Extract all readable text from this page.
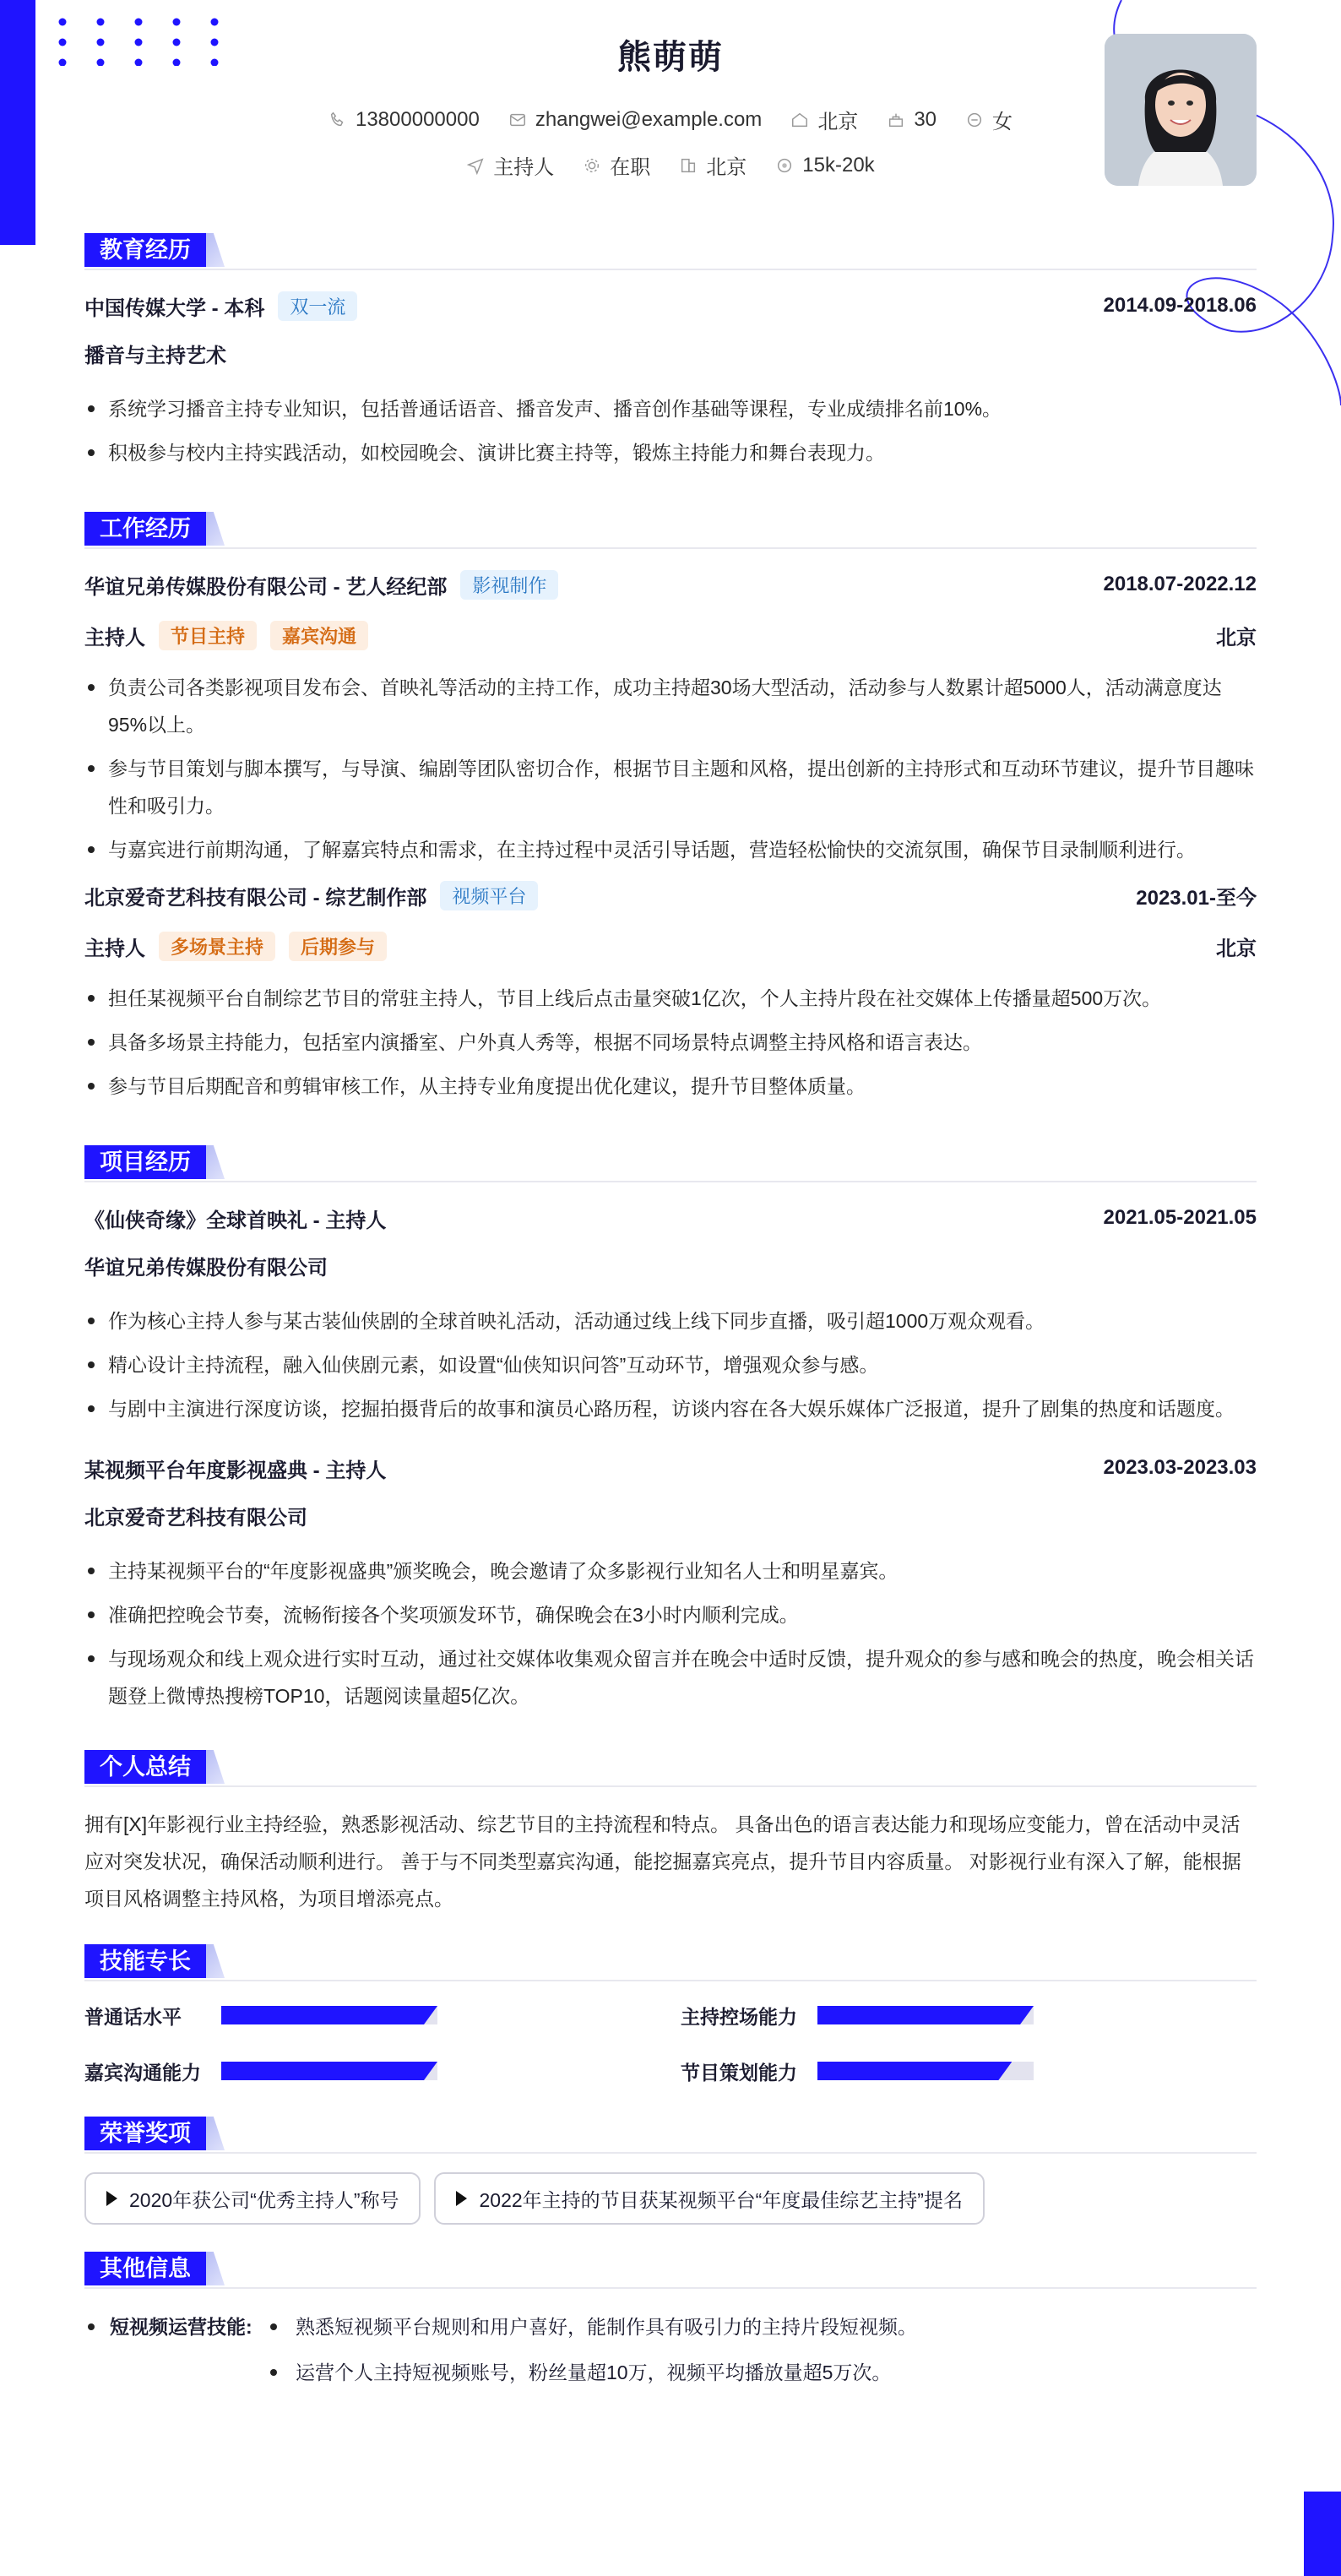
熊萌萌
13800000000	zhangwei@example.com	北京	30	女
主持人	在职	北京	15k-20k
教育经历
中国传媒大学 - 本科	双一流	2014.09-2018.06
播音与主持艺术
系统学习播音主持专业知识，包括普通话语音、播音发声、播音创作基础等课程，专业成绩排名前10%。
积极参与校内主持实践活动，如校园晚会、演讲比赛主持等，锻炼主持能力和舞台表现力。
工作经历
华谊兄弟传媒股份有限公司 - 艺人经纪部	影视制作	2018.07-2022.12
主持人	节目主持	嘉宾沟通	北京
负责公司各类影视项目发布会、首映礼等活动的主持工作，成功主持超30场大型活动，活动参与人数累计超5000人，活动满意度达95%以上。
参与节目策划与脚本撰写，与导演、编剧等团队密切合作，根据节目主题和风格，提出创新的主持形式和互动环节建议，提升节目趣味性和吸引力。
与嘉宾进行前期沟通，了解嘉宾特点和需求，在主持过程中灵活引导话题，营造轻松愉快的交流氛围，确保节目录制顺利进行。
北京爱奇艺科技有限公司 - 综艺制作部	视频平台	2023.01-至今
主持人	多场景主持	后期参与	北京
担任某视频平台自制综艺节目的常驻主持人，节目上线后点击量突破1亿次，个人主持片段在社交媒体上传播量超500万次。
具备多场景主持能力，包括室内演播室、户外真人秀等，根据不同场景特点调整主持风格和语言表达。
参与节目后期配音和剪辑审核工作，从主持专业角度提出优化建议，提升节目整体质量。
项目经历
《仙侠奇缘》全球首映礼 - 主持人	2021.05-2021.05
华谊兄弟传媒股份有限公司
作为核心主持人参与某古装仙侠剧的全球首映礼活动，活动通过线上线下同步直播，吸引超1000万观众观看。
精心设计主持流程，融入仙侠剧元素，如设置“仙侠知识问答”互动环节，增强观众参与感。
与剧中主演进行深度访谈，挖掘拍摄背后的故事和演员心路历程，访谈内容在各大娱乐媒体广泛报道，提升了剧集的热度和话题度。
某视频平台年度影视盛典 - 主持人	2023.03-2023.03
北京爱奇艺科技有限公司
主持某视频平台的“年度影视盛典”颁奖晚会，晚会邀请了众多影视行业知名人士和明星嘉宾。
准确把控晚会节奏，流畅衔接各个奖项颁发环节，确保晚会在3小时内顺利完成。
与现场观众和线上观众进行实时互动，通过社交媒体收集观众留言并在晚会中适时反馈，提升观众的参与感和晚会的热度，晚会相关话题登上微博热搜榜TOP10，话题阅读量超5亿次。
个人总结
拥有[X]年影视行业主持经验，熟悉影视活动、综艺节目的主持流程和特点。 具备出色的语言表达能力和现场应变能力，曾在活动中灵活应对突发状况，确保活动顺利进行。 善于与不同类型嘉宾沟通，能挖掘嘉宾亮点，提升节目内容质量。 对影视行业有深入了解，能根据项目风格调整主持风格，为项目增添亮点。
技能专长
普通话水平	主持控场能力
嘉宾沟通能力	节目策划能力
荣誉奖项
2020年获公司“优秀主持人”称号	2022年主持的节目获某视频平台“年度最佳综艺主持”提名
其他信息
短视频运营技能:	熟悉短视频平台规则和用户喜好，能制作具有吸引力的主持片段短视频。
运营个人主持短视频账号，粉丝量超10万，视频平均播放量超5万次。
